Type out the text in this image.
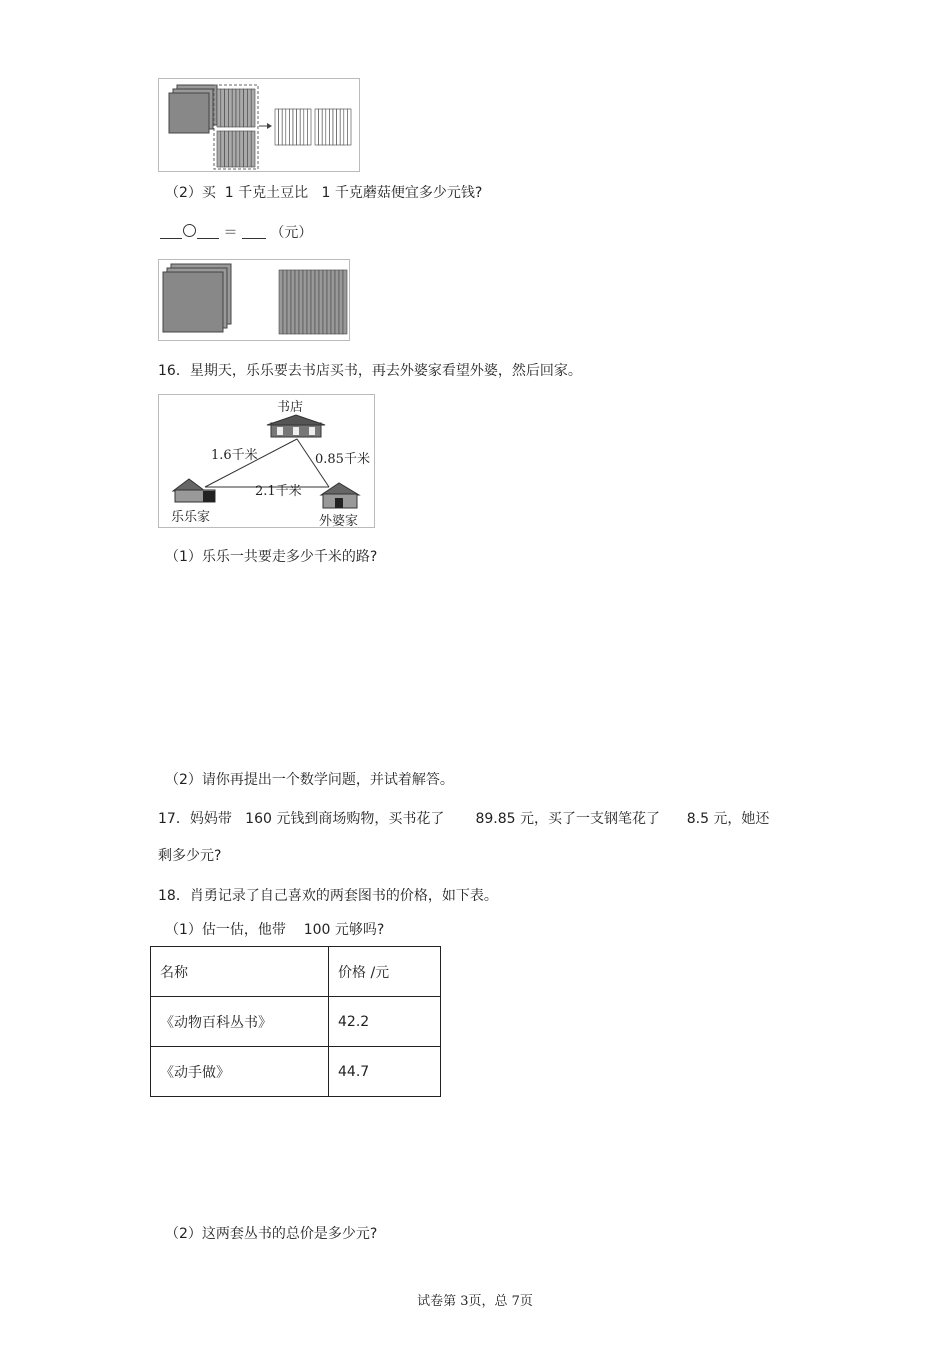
（2）买  1 千克土豆比   1 千克蘑菇便宜多少元钱?
＝ （元）
16．星期天，乐乐要去书店买书，再去外婆家看望外婆，然后回家。
书店
乐乐家	外婆家
1.6千米	0.85千米
2.1千米
（1）乐乐一共要走多少千米的路?
（2）请你再提出一个数学问题，并试着解答。
17．妈妈带   160 元钱到商场购物，买书花了       89.85 元，买了一支钢笔花了      8.5 元，她还
剩多少元?
18．肖勇记录了自己喜欢的两套图书的价格，如下表。
（1）估一估，他带    100 元够吗?
名称	价格 /元
《动物百科丛书》	42.2
《动手做》	44.7
（2）这两套丛书的总价是多少元?
试卷第 3页，总 7页
